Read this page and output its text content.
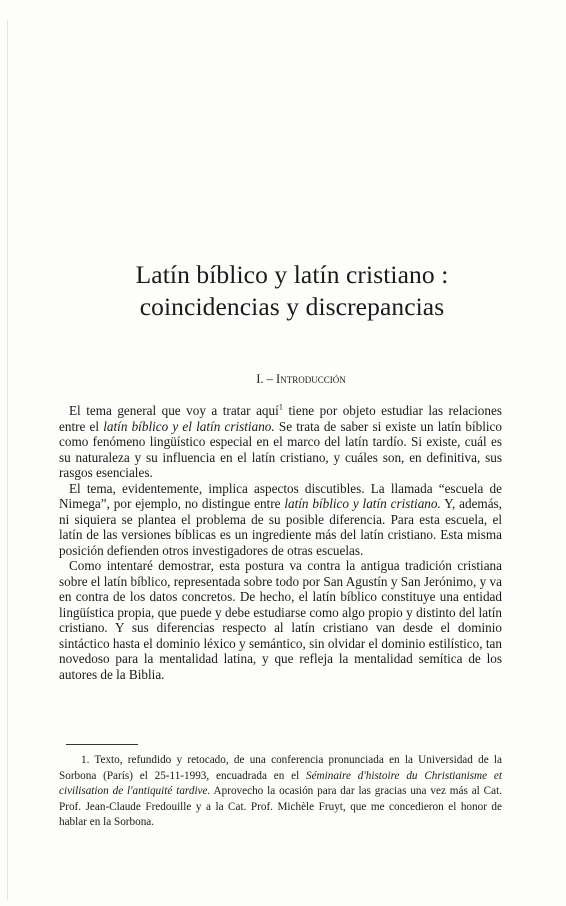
Latín bíblico y latín cristiano :
coincidencias y discrepancias
I. – Introducción

El tema general que voy a tratar aquí$^1$ tiene por objeto estudiar las relaciones entre el latín bíblico y el latín cristiano. Se trata de saber si existe un latín bíblico como fenómeno lingüístico especial en el marco del latín tardío. Si existe, cuál es su naturaleza y su influencia en el latín cristiano, y cuáles son, en definitiva, sus rasgos esenciales.

El tema, evidentemente, implica aspectos discutibles. La llamada “escuela de Nimega”, por ejemplo, no distingue entre latín bíblico y latín cristiano. Y, además, ni siquiera se plantea el problema de su posible diferencia. Para esta escuela, el latín de las versiones bíblicas es un ingrediente más del latín cristiano. Esta misma posición defienden otros investigadores de otras escuelas.

Como intentaré demostrar, esta postura va contra la antigua tradición cristiana sobre el latín bíblico, representada sobre todo por San Agustín y San Jerónimo, y va en contra de los datos concretos. De hecho, el latín bíblico constituye una entidad lingüística propia, que puede y debe estudiarse como algo propio y distinto del latín cristiano. Y sus diferencias respecto al latín cristiano van desde el dominio sintáctico hasta el dominio léxico y semántico, sin olvidar el dominio estilístico, tan novedoso para la mentalidad latina, y que refleja la mentalidad semítica de los autores de la Biblia.

1. Texto, refundido y retocado, de una conferencia pronunciada en la Universidad de la Sorbona (París) el 25-11-1993, encuadrada en el Séminaire d'histoire du Christianisme et civilisation de l'antiquité tardive. Aprovecho la ocasión para dar las gracias una vez más al Cat. Prof. Jean-Claude Fredouille y a la Cat. Prof. Michèle Fruyt, que me concedieron el honor de hablar en la Sorbona.
